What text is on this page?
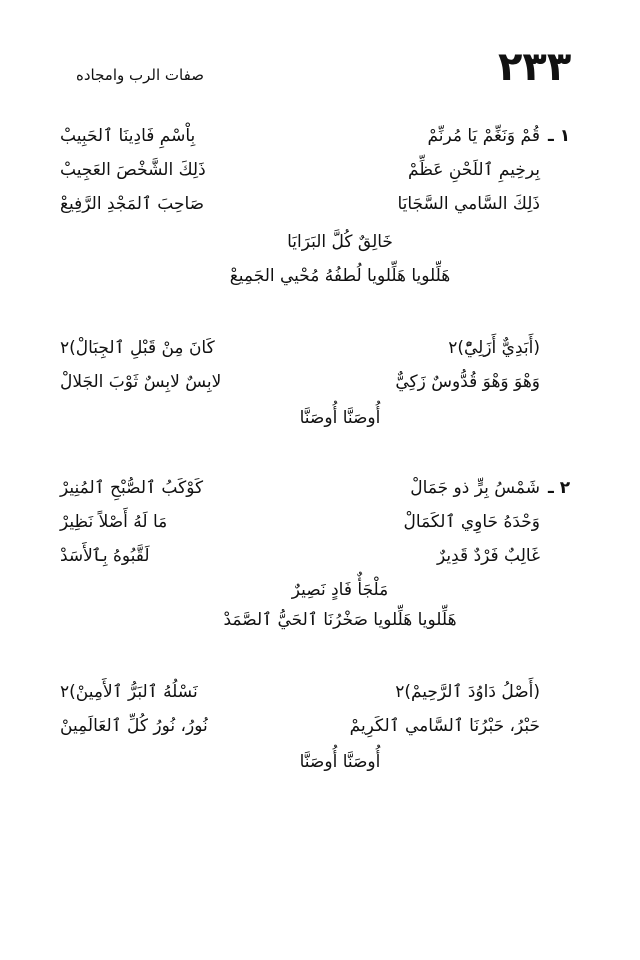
٢٣٣
صفات الرب وامجاده
قُمْ وَنَغِّمْ يَا مُرنِّمْ
بِاْسْمِ فَادِينَا ٱلحَبِيبْ	١ ـ
بِرخِيمِ ٱللَحْنِ عَظِّمْ
ذَلِكَ الشَّخْصَ العَجِيبْ
ذَلِكَ السَّامي السَّجَايَا
صَاحِبَ ٱلمَجْدِ الرَّفِيعْ
خَالِقٌ كُلَّ البَرَايَا
هَلِّلويا هَلِّلويا لُطفُهُ مُحْيي الجَمِيعْ
(أَبَدِيٌّ أَزَلِيّْ)٢
كَانَ مِنْ قَبْلِ ٱلجِبَالْ)٢
وَهْوَ وَهْوَ قُدُّوسٌ زَكِيٌّ
لابِسٌ لابِسٌ ثَوْبَ الجَلالْ
أُوصَنَّا أُوصَنَّا
شَمْسُ بِرٍّ ذو جَمَالْ
كَوْكَبُ ٱلصُّبْحِ ٱلمُنِيرْ	٢ ـ
وَحْدَهُ حَاوِي ٱلكَمَالْ
مَا لَهُ أَصْلاً نَظِيرْ
غَالِبٌ فَرْدٌ قَدِيرٌ
لَقَّبُوهُ بِٱلأَسَدْ
مَلْجَأٌ فَادٍ نَصِيرٌ
هَلِّلويا هَلِّلويا صَخْرُنَا ٱلحَيُّ ٱلصَّمَدْ
(أَصْلُ دَاوُدَ ٱلرَّحِيمْ)٢
نَسْلُهُ ٱلبَرُّ ٱلأَمِينْ)٢
حَبْرُ، حَبْرُنَا ٱلسَّامي ٱلكَرِيمْ
نُورُ، نُورُ كُلِّ ٱلعَالَمِينْ
أُوصَنَّا أُوصَنَّا
